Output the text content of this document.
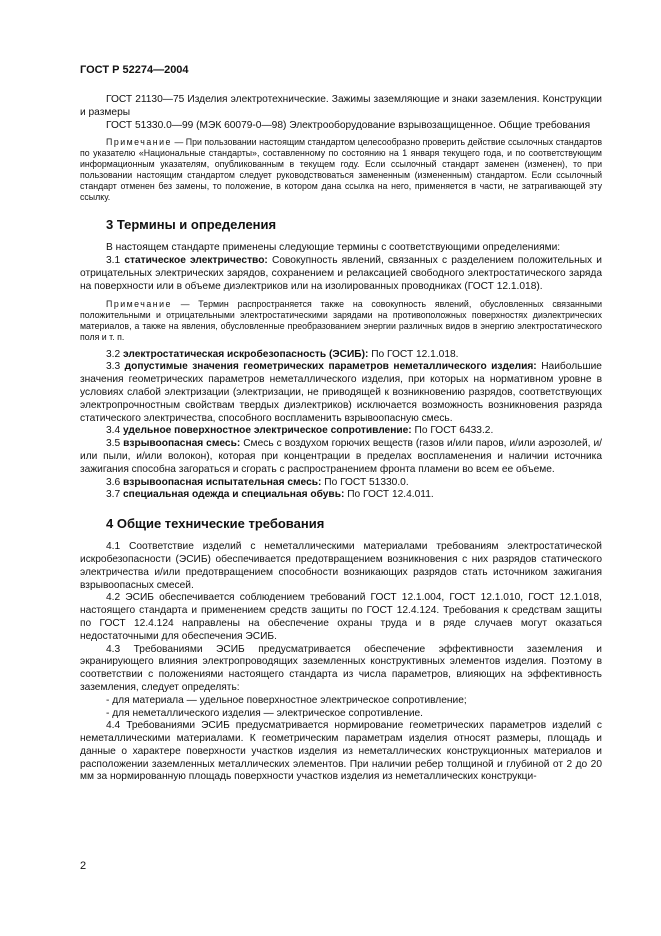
ГОСТ Р 52274—2004

ГОСТ 21130—75 Изделия электротехнические. Зажимы заземляющие и знаки заземления. Конструкции и размеры

ГОСТ 51330.0—99 (МЭК 60079-0—98) Электрооборудование взрывозащищенное. Общие требования

Примечание — При пользовании настоящим стандартом целесообразно проверить действие ссылочных стандартов по указателю «Национальные стандарты», составленному по состоянию на 1 января текущего года, и по соответствующим информационным указателям, опубликованным в текущем году. Если ссылочный стандарт заменен (изменен), то при пользовании настоящим стандартом следует руководствоваться замененным (измененным) стандартом. Если ссылочный стандарт отменен без замены, то положение, в котором дана ссылка на него, применяется в части, не затрагивающей эту ссылку.

3 Термины и определения

В настоящем стандарте применены следующие термины с соответствующими определениями:

3.1 статическое электричество: Совокупность явлений, связанных с разделением положительных и отрицательных электрических зарядов, сохранением и релаксацией свободного электростатического заряда на поверхности или в объеме диэлектриков или на изолированных проводниках (ГОСТ 12.1.018).

Примечание — Термин распространяется также на совокупность явлений, обусловленных связанными положительными и отрицательными электростатическими зарядами на противоположных поверхностях диэлектрических материалов, а также на явления, обусловленные преобразованием энергии различных видов в энергию электростатического поля и т. п.

3.2 электростатическая искробезопасность (ЭСИБ): По ГОСТ 12.1.018.

3.3 допустимые значения геометрических параметров неметаллического изделия: Наибольшие значения геометрических параметров неметаллического изделия, при которых на нормативном уровне в условиях слабой электризации (электризации, не приводящей к возникновению разрядов, соответствующих электропрочностным свойствам твердых диэлектриков) исключается возможность возникновения разряда статического электричества, способного воспламенить взрывоопасную смесь.

3.4 удельное поверхностное электрическое сопротивление: По ГОСТ 6433.2.

3.5 взрывоопасная смесь: Смесь с воздухом горючих веществ (газов и/или паров, и/или аэрозолей, и/или пыли, и/или волокон), которая при концентрации в пределах воспламенения и наличии источника зажигания способна загораться и сгорать с распространением фронта пламени во всем ее объеме.

3.6 взрывоопасная испытательная смесь: По ГОСТ 51330.0.

3.7 специальная одежда и специальная обувь: По ГОСТ 12.4.011.

4 Общие технические требования

4.1 Соответствие изделий с неметаллическими материалами требованиям электростатической искробезопасности (ЭСИБ) обеспечивается предотвращением возникновения с них разрядов статического электричества и/или предотвращением способности возникающих разрядов стать источником зажигания взрывоопасных смесей.

4.2 ЭСИБ обеспечивается соблюдением требований ГОСТ 12.1.004, ГОСТ 12.1.010, ГОСТ 12.1.018, настоящего стандарта и применением средств защиты по ГОСТ 12.4.124. Требования к средствам защиты по ГОСТ 12.4.124 направлены на обеспечение охраны труда и в ряде случаев могут оказаться недостаточными для обеспечения ЭСИБ.

4.3 Требованиями ЭСИБ предусматривается обеспечение эффективности заземления и экранирующего влияния электропроводящих заземленных конструктивных элементов изделия. Поэтому в соответствии с положениями настоящего стандарта из числа параметров, влияющих на эффективность заземления, следует определять:

- для материала — удельное поверхностное электрическое сопротивление;
- для неметаллического изделия — электрическое сопротивление.

4.4 Требованиями ЭСИБ предусматривается нормирование геометрических параметров изделий с неметаллическими материалами. К геометрическим параметрам изделия относят размеры, площадь и данные о характере поверхности участков изделия из неметаллических конструкционных материалов и расположении заземленных металлических элементов. При наличии ребер толщиной и глубиной от 2 до 20 мм за нормированную площадь поверхности участков изделия из неметаллических конструкци-

2
